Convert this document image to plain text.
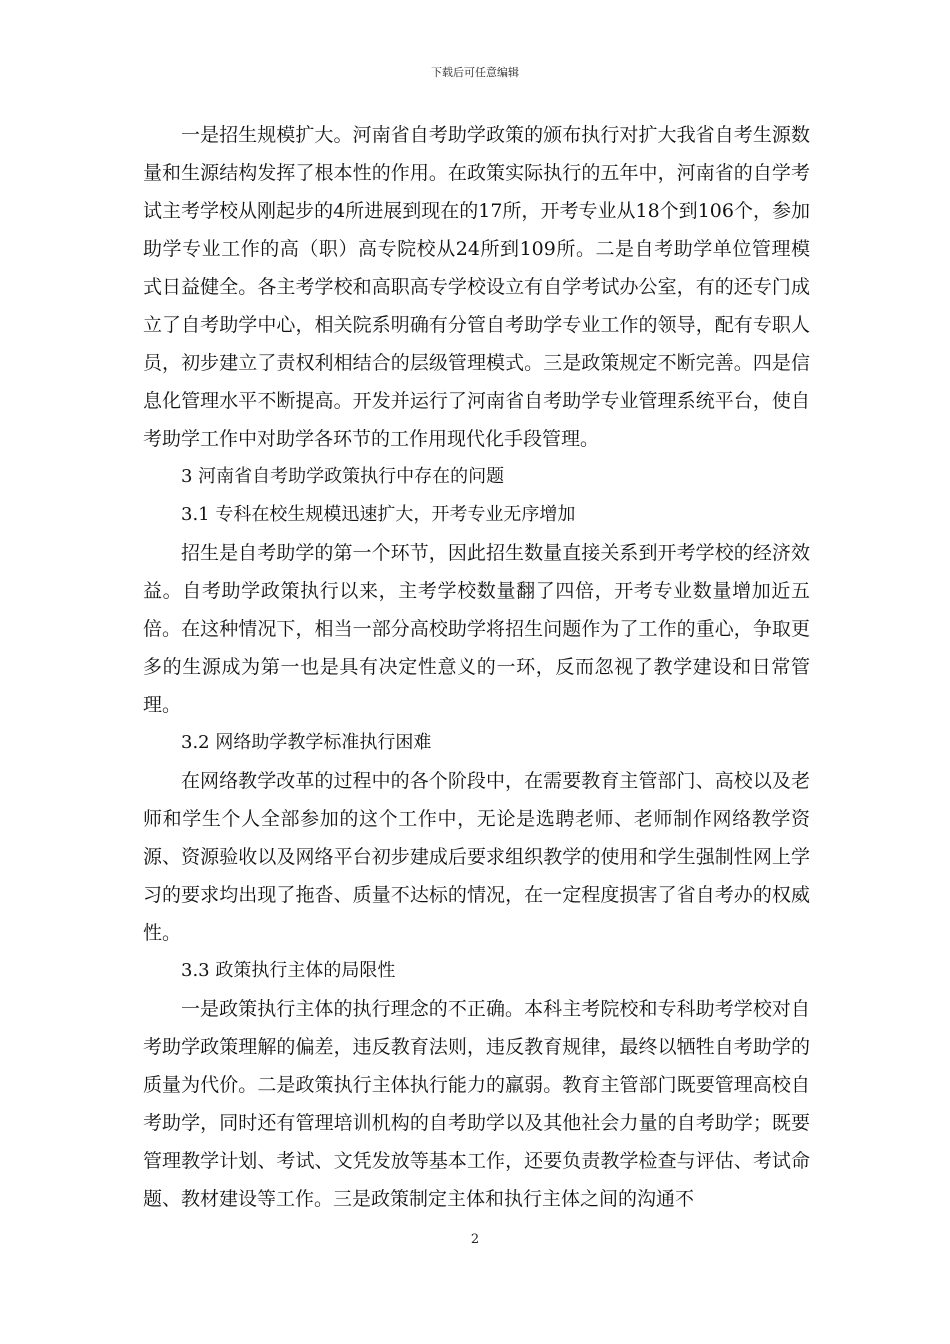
下载后可任意编辑

一是招生规模扩大。河南省自考助学政策的颁布执行对扩大我省自考生源数量和生源结构发挥了根本性的作用。在政策实际执行的五年中，河南省的自学考试主考学校从刚起步的4所进展到现在的17所，开考专业从18个到106个，参加助学专业工作的高（职）高专院校从24所到109所。二是自考助学单位管理模式日益健全。各主考学校和高职高专学校设立有自学考试办公室，有的还专门成立了自考助学中心，相关院系明确有分管自考助学专业工作的领导，配有专职人员，初步建立了责权利相结合的层级管理模式。三是政策规定不断完善。四是信息化管理水平不断提高。开发并运行了河南省自考助学专业管理系统平台，使自考助学工作中对助学各环节的工作用现代化手段管理。

3 河南省自考助学政策执行中存在的问题

3.1 专科在校生规模迅速扩大，开考专业无序增加

招生是自考助学的第一个环节，因此招生数量直接关系到开考学校的经济效益。自考助学政策执行以来，主考学校数量翻了四倍，开考专业数量增加近五倍。在这种情况下，相当一部分高校助学将招生问题作为了工作的重心，争取更多的生源成为第一也是具有决定性意义的一环，反而忽视了教学建设和日常管理。

3.2 网络助学教学标准执行困难

在网络教学改革的过程中的各个阶段中，在需要教育主管部门、高校以及老师和学生个人全部参加的这个工作中，无论是选聘老师、老师制作网络教学资源、资源验收以及网络平台初步建成后要求组织教学的使用和学生强制性网上学习的要求均出现了拖沓、质量不达标的情况，在一定程度损害了省自考办的权威性。

3.3 政策执行主体的局限性

一是政策执行主体的执行理念的不正确。本科主考院校和专科助考学校对自考助学政策理解的偏差，违反教育法则，违反教育规律，最终以牺牲自考助学的质量为代价。二是政策执行主体执行能力的羸弱。教育主管部门既要管理高校自考助学，同时还有管理培训机构的自考助学以及其他社会力量的自考助学；既要管理教学计划、考试、文凭发放等基本工作，还要负责教学检查与评估、考试命题、教材建设等工作。三是政策制定主体和执行主体之间的沟通不

2
